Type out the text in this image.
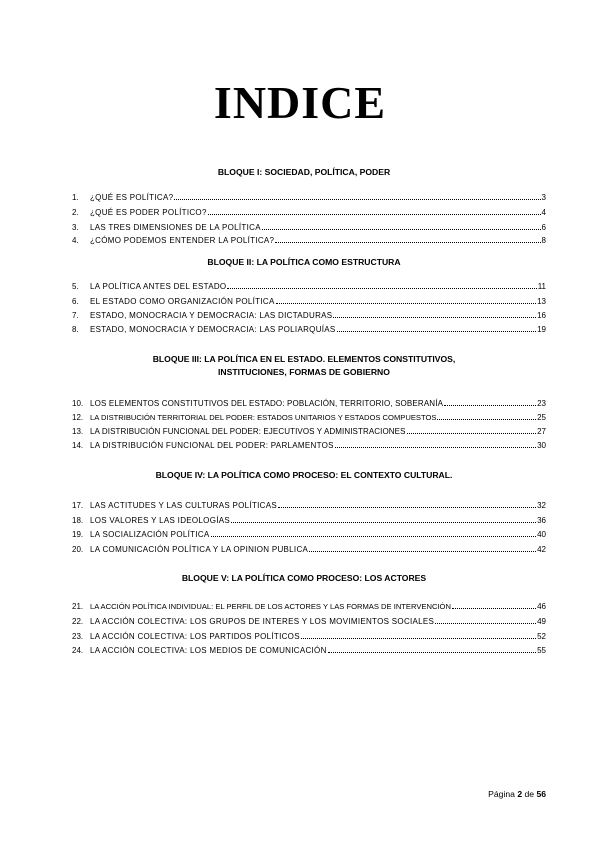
INDICE
BLOQUE I: SOCIEDAD, POLÍTICA, PODER
1.	¿QUÉ ES POLÍTICA?	3
2.	¿QUÉ ES PODER POLÍTICO?	4
3.	LAS TRES DIMENSIONES DE LA POLÍTICA	6
4.	¿CÓMO PODEMOS ENTENDER LA POLÍTICA?	8
BLOQUE II: LA POLÍTICA COMO ESTRUCTURA
5.	LA POLÍTICA ANTES DEL ESTADO	11
6.	EL ESTADO COMO ORGANIZACIÓN POLÍTICA	13
7.	ESTADO, MONOCRACIA Y DEMOCRACIA: LAS DICTADURAS	16
8.	ESTADO, MONOCRACIA Y DEMOCRACIA: LAS POLIARQUÍAS	19
BLOQUE III: LA POLÍTICA EN EL ESTADO. ELEMENTOS CONSTITUTIVOS,
INSTITUCIONES, FORMAS DE GOBIERNO
10. LOS ELEMENTOS CONSTITUTIVOS DEL ESTADO: POBLACIÓN, TERRITORIO, SOBERANÍA	23
12. LA DISTRIBUCIÓN TERRITORIAL DEL PODER: ESTADOS UNITARIOS Y ESTADOS COMPUESTOS	25
13. LA DISTRIBUCIÓN FUNCIONAL DEL PODER: EJECUTIVOS Y ADMINISTRACIONES	27
14. LA DISTRIBUCIÓN FUNCIONAL DEL PODER: PARLAMENTOS	30
BLOQUE IV: LA POLÍTICA COMO PROCESO: EL CONTEXTO CULTURAL.
17. LAS ACTITUDES Y LAS CULTURAS POLÍTICAS	32
18. LOS VALORES Y LAS IDEOLOGÍAS	36
19. LA SOCIALIZACIÓN POLÍTICA	40
20. LA COMUNICACIÓN POLÍTICA Y LA OPINION PUBLICA	42
BLOQUE V: LA POLÍTICA COMO PROCESO: LOS ACTORES
21. LA ACCIÓN POLÍTICA INDIVIDUAL: EL PERFIL DE LOS ACTORES Y LAS FORMAS DE INTERVENCIÓN	46
22. LA ACCIÓN COLECTIVA: LOS GRUPOS DE INTERES Y LOS MOVIMIENTOS SOCIALES	49
23. LA ACCIÓN COLECTIVA: LOS PARTIDOS POLÍTICOS	52
24. LA ACCIÓN COLECTIVA: LOS MEDIOS DE COMUNICACIÓN	55
Página 2 de 56
